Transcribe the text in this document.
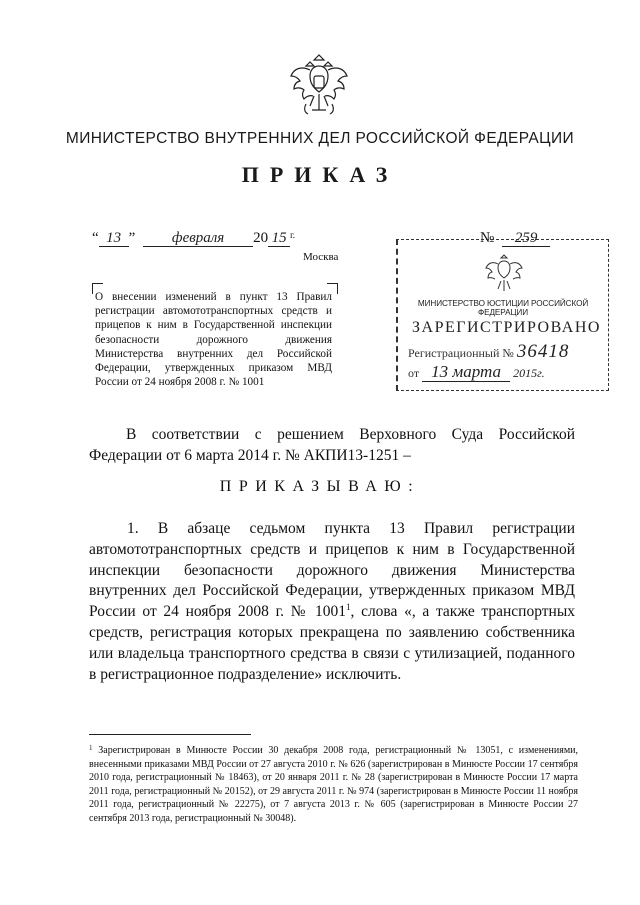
МИНИСТЕРСТВО ВНУТРЕННИХ ДЕЛ РОССИЙСКОЙ ФЕДЕРАЦИИ
ПРИКАЗ
“ 13 ” февраля 20 15 $^{г.}$	№ 259
Москва
О внесении изменений в пункт 13 Правил регистрации автомототранспортных средств и прицепов к ним в Государственной инспекции безопасности дорожного движения Министерства внутренних дел Российской Федерации, утвержденных приказом МВД России от 24 ноября 2008 г. № 1001
МИНИСТЕРСТВО ЮСТИЦИИ РОССИЙСКОЙ ФЕДЕРАЦИИ
ЗАРЕГИСТРИРОВАНО
Регистрационный № 36418
от 13 марта 2015г.
В соответствии с решением Верховного Суда Российской Федерации от 6 марта 2014 г. № АКПИ13-1251 –
ПРИКАЗЫВАЮ:
1. В абзаце седьмом пункта 13 Правил регистрации автомототранспортных средств и прицепов к ним в Государственной инспекции безопасности дорожного движения Министерства внутренних дел Российской Федерации, утвержденных приказом МВД России от 24 ноября 2008 г. № 1001$^1$, слова «, а также транспортных средств, регистрация которых прекращена по заявлению собственника или владельца транспортного средства в связи с утилизацией, поданного в регистрационное подразделение» исключить.
$^1$ Зарегистрирован в Минюсте России 30 декабря 2008 года, регистрационный № 13051, с изменениями, внесенными приказами МВД России от 27 августа 2010 г. № 626 (зарегистрирован в Минюсте России 17 сентября 2010 года, регистрационный № 18463), от 20 января 2011 г. № 28 (зарегистрирован в Минюсте России 17 марта 2011 года, регистрационный № 20152), от 29 августа 2011 г. № 974 (зарегистрирован в Минюсте России 11 ноября 2011 года, регистрационный № 22275), от 7 августа 2013 г. № 605 (зарегистрирован в Минюсте России 27 сентября 2013 года, регистрационный № 30048).
